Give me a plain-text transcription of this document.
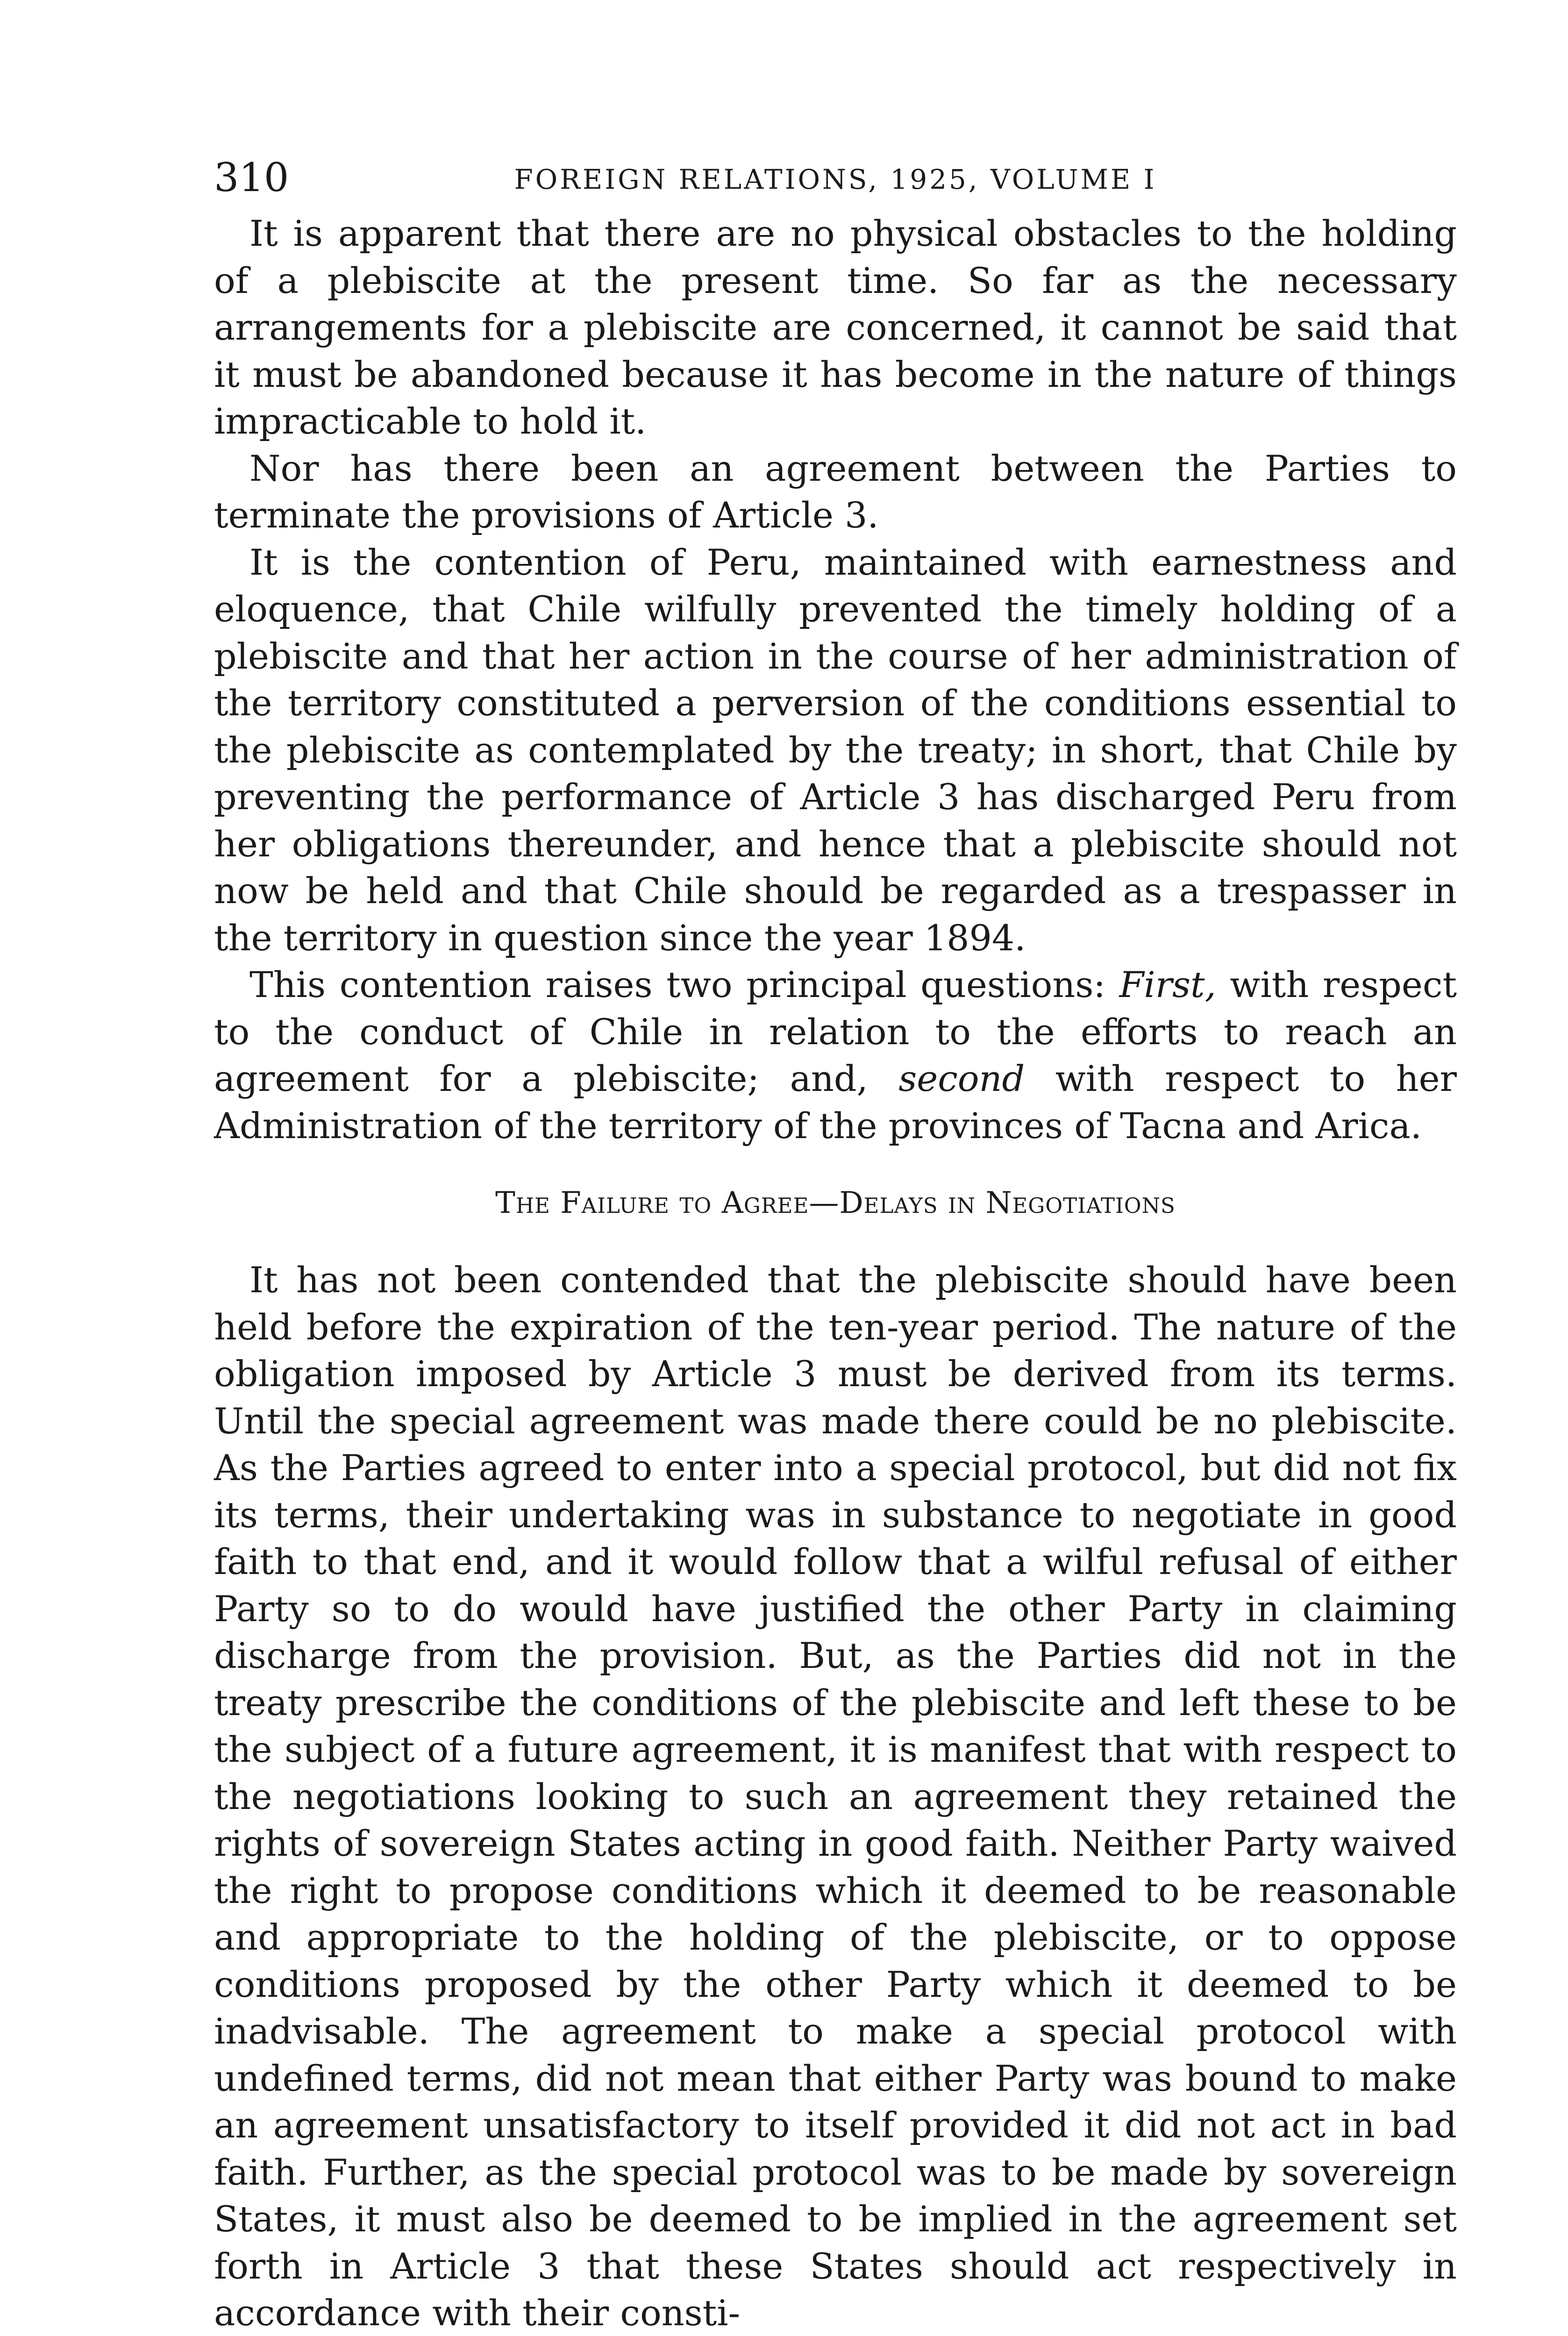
310	FOREIGN RELATIONS, 1925, VOLUME I

It is apparent that there are no physical obstacles to the holding of a plebiscite at the present time. So far as the necessary arrangements for a plebiscite are concerned, it cannot be said that it must be abandoned because it has become in the nature of things impracticable to hold it.

Nor has there been an agreement between the Parties to terminate the provisions of Article 3.

It is the contention of Peru, maintained with earnestness and eloquence, that Chile wilfully prevented the timely holding of a plebiscite and that her action in the course of her administration of the territory constituted a perversion of the conditions essential to the plebiscite as contemplated by the treaty; in short, that Chile by preventing the performance of Article 3 has discharged Peru from her obligations thereunder, and hence that a plebiscite should not now be held and that Chile should be regarded as a trespasser in the territory in question since the year 1894.

This contention raises two principal questions: First, with respect to the conduct of Chile in relation to the efforts to reach an agreement for a plebiscite; and, second with respect to her Administration of the territory of the provinces of Tacna and Arica.

The Failure to Agree—Delays in Negotiations

It has not been contended that the plebiscite should have been held before the expiration of the ten-year period. The nature of the obligation imposed by Article 3 must be derived from its terms. Until the special agreement was made there could be no plebiscite. As the Parties agreed to enter into a special protocol, but did not fix its terms, their undertaking was in substance to negotiate in good faith to that end, and it would follow that a wilful refusal of either Party so to do would have justified the other Party in claiming discharge from the provision. But, as the Parties did not in the treaty prescribe the conditions of the plebiscite and left these to be the subject of a future agreement, it is manifest that with respect to the negotiations looking to such an agreement they retained the rights of sovereign States acting in good faith. Neither Party waived the right to propose conditions which it deemed to be reasonable and appropriate to the holding of the plebiscite, or to oppose conditions proposed by the other Party which it deemed to be inadvisable. The agreement to make a special protocol with undefined terms, did not mean that either Party was bound to make an agreement unsatisfactory to itself provided it did not act in bad faith. Further, as the special protocol was to be made by sovereign States, it must also be deemed to be implied in the agreement set forth in Article 3 that these States should act respectively in accordance with their consti-
